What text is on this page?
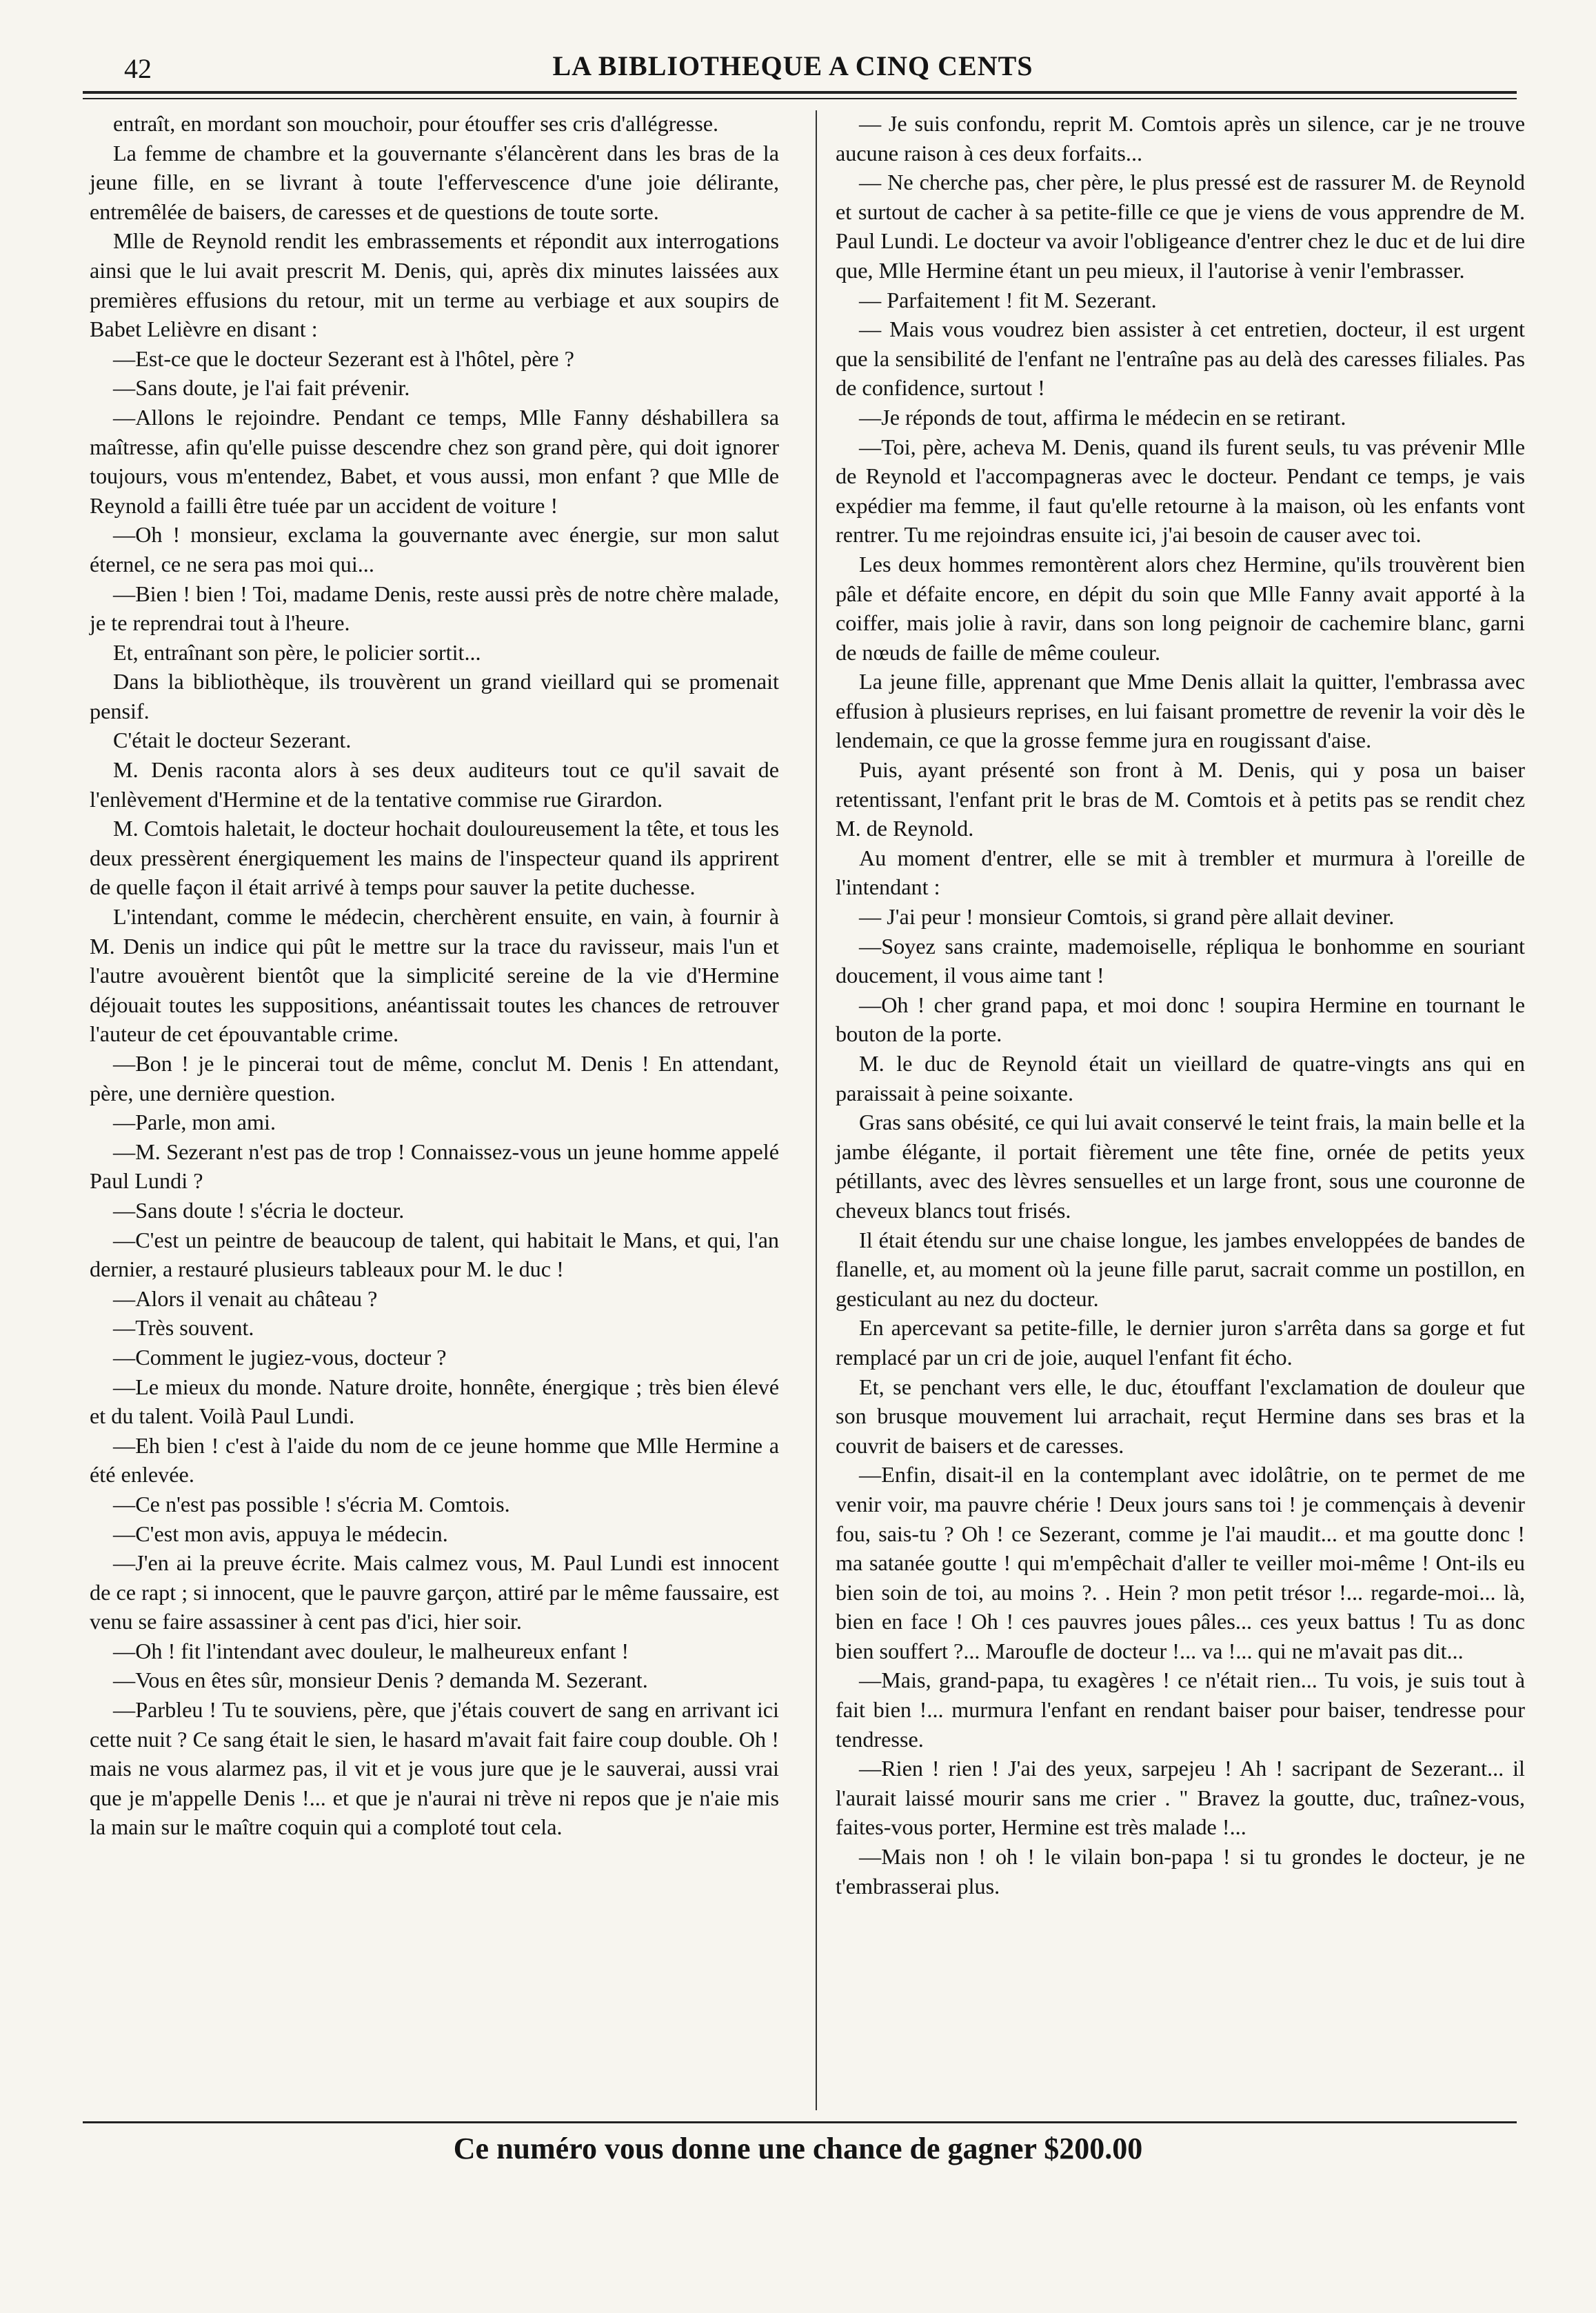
42	LA BIBLIOTHEQUE A CINQ CENTS

entraît, en mordant son mouchoir, pour étouffer ses cris d'allégresse.

La femme de chambre et la gouvernante s'élancèrent dans les bras de la jeune fille, en se livrant à toute l'effervescence d'une joie délirante, entremêlée de baisers, de caresses et de questions de toute sorte.

Mlle de Reynold rendit les embrassements et répondit aux interrogations ainsi que le lui avait prescrit M. Denis, qui, après dix minutes laissées aux premières effusions du retour, mit un terme au verbiage et aux soupirs de Babet Lelièvre en disant :

—Est-ce que le docteur Sezerant est à l'hôtel, père ?

—Sans doute, je l'ai fait prévenir.

—Allons le rejoindre. Pendant ce temps, Mlle Fanny déshabillera sa maîtresse, afin qu'elle puisse descendre chez son grand père, qui doit ignorer toujours, vous m'entendez, Babet, et vous aussi, mon enfant ? que Mlle de Reynold a failli être tuée par un accident de voiture !

—Oh ! monsieur, exclama la gouvernante avec énergie, sur mon salut éternel, ce ne sera pas moi qui...

—Bien ! bien ! Toi, madame Denis, reste aussi près de notre chère malade, je te reprendrai tout à l'heure.

Et, entraînant son père, le policier sortit...

Dans la bibliothèque, ils trouvèrent un grand vieillard qui se promenait pensif.

C'était le docteur Sezerant.

M. Denis raconta alors à ses deux auditeurs tout ce qu'il savait de l'enlèvement d'Hermine et de la tentative commise rue Girardon.

M. Comtois haletait, le docteur hochait douloureusement la tête, et tous les deux pressèrent énergiquement les mains de l'inspecteur quand ils apprirent de quelle façon il était arrivé à temps pour sauver la petite duchesse.

L'intendant, comme le médecin, cherchèrent ensuite, en vain, à fournir à M. Denis un indice qui pût le mettre sur la trace du ravisseur, mais l'un et l'autre avouèrent bientôt que la simplicité sereine de la vie d'Hermine déjouait toutes les suppositions, anéantissait toutes les chances de retrouver l'auteur de cet épouvantable crime.

—Bon ! je le pincerai tout de même, conclut M. Denis ! En attendant, père, une dernière question.

—Parle, mon ami.

—M. Sezerant n'est pas de trop ! Connaissez-vous un jeune homme appelé Paul Lundi ?

—Sans doute ! s'écria le docteur.

—C'est un peintre de beaucoup de talent, qui habitait le Mans, et qui, l'an dernier, a restauré plusieurs tableaux pour M. le duc !

—Alors il venait au château ?

—Très souvent.

—Comment le jugiez-vous, docteur ?

—Le mieux du monde. Nature droite, honnête, énergique ; très bien élevé et du talent. Voilà Paul Lundi.

—Eh bien ! c'est à l'aide du nom de ce jeune homme que Mlle Hermine a été enlevée.

—Ce n'est pas possible ! s'écria M. Comtois.

—C'est mon avis, appuya le médecin.

—J'en ai la preuve écrite. Mais calmez vous, M. Paul Lundi est innocent de ce rapt ; si innocent, que le pauvre garçon, attiré par le même faussaire, est venu se faire assassiner à cent pas d'ici, hier soir.

—Oh ! fit l'intendant avec douleur, le malheureux enfant !

—Vous en êtes sûr, monsieur Denis ? demanda M. Sezerant.

—Parbleu ! Tu te souviens, père, que j'étais couvert de sang en arrivant ici cette nuit ? Ce sang était le sien, le hasard m'avait fait faire coup double. Oh ! mais ne vous alarmez pas, il vit et je vous jure que je le sauverai, aussi vrai que je m'appelle Denis !... et que je n'aurai ni trève ni repos que je n'aie mis la main sur le maître coquin qui a comploté tout cela.

— Je suis confondu, reprit M. Comtois après un silence, car je ne trouve aucune raison à ces deux forfaits...

— Ne cherche pas, cher père, le plus pressé est de rassurer M. de Reynold et surtout de cacher à sa petite-fille ce que je viens de vous apprendre de M. Paul Lundi. Le docteur va avoir l'obligeance d'entrer chez le duc et de lui dire que, Mlle Hermine étant un peu mieux, il l'autorise à venir l'embrasser.

— Parfaitement ! fit M. Sezerant.

— Mais vous voudrez bien assister à cet entretien, docteur, il est urgent que la sensibilité de l'enfant ne l'entraîne pas au delà des caresses filiales. Pas de confidence, surtout !

—Je réponds de tout, affirma le médecin en se retirant.

—Toi, père, acheva M. Denis, quand ils furent seuls, tu vas prévenir Mlle de Reynold et l'accompagneras avec le docteur. Pendant ce temps, je vais expédier ma femme, il faut qu'elle retourne à la maison, où les enfants vont rentrer. Tu me rejoindras ensuite ici, j'ai besoin de causer avec toi.

Les deux hommes remontèrent alors chez Hermine, qu'ils trouvèrent bien pâle et défaite encore, en dépit du soin que Mlle Fanny avait apporté à la coiffer, mais jolie à ravir, dans son long peignoir de cachemire blanc, garni de nœuds de faille de même couleur.

La jeune fille, apprenant que Mme Denis allait la quitter, l'embrassa avec effusion à plusieurs reprises, en lui faisant promettre de revenir la voir dès le lendemain, ce que la grosse femme jura en rougissant d'aise.

Puis, ayant présenté son front à M. Denis, qui y posa un baiser retentissant, l'enfant prit le bras de M. Comtois et à petits pas se rendit chez M. de Reynold.

Au moment d'entrer, elle se mit à trembler et murmura à l'oreille de l'intendant :

— J'ai peur ! monsieur Comtois, si grand père allait deviner.

—Soyez sans crainte, mademoiselle, répliqua le bonhomme en souriant doucement, il vous aime tant !

—Oh ! cher grand papa, et moi donc ! soupira Hermine en tournant le bouton de la porte.

M. le duc de Reynold était un vieillard de quatre-vingts ans qui en paraissait à peine soixante.

Gras sans obésité, ce qui lui avait conservé le teint frais, la main belle et la jambe élégante, il portait fièrement une tête fine, ornée de petits yeux pétillants, avec des lèvres sensuelles et un large front, sous une couronne de cheveux blancs tout frisés.

Il était étendu sur une chaise longue, les jambes enveloppées de bandes de flanelle, et, au moment où la jeune fille parut, sacrait comme un postillon, en gesticulant au nez du docteur.

En apercevant sa petite-fille, le dernier juron s'arrêta dans sa gorge et fut remplacé par un cri de joie, auquel l'enfant fit écho.

Et, se penchant vers elle, le duc, étouffant l'exclamation de douleur que son brusque mouvement lui arrachait, reçut Hermine dans ses bras et la couvrit de baisers et de caresses.

—Enfin, disait-il en la contemplant avec idolâtrie, on te permet de me venir voir, ma pauvre chérie ! Deux jours sans toi ! je commençais à devenir fou, sais-tu ? Oh ! ce Sezerant, comme je l'ai maudit... et ma goutte donc ! ma satanée goutte ! qui m'empêchait d'aller te veiller moi-même ! Ont-ils eu bien soin de toi, au moins ?. . Hein ? mon petit trésor !... regarde-moi... là, bien en face ! Oh ! ces pauvres joues pâles... ces yeux battus ! Tu as donc bien souffert ?... Maroufle de docteur !... va !... qui ne m'avait pas dit...

—Mais, grand-papa, tu exagères ! ce n'était rien... Tu vois, je suis tout à fait bien !... murmura l'enfant en rendant baiser pour baiser, tendresse pour tendresse.

—Rien ! rien ! J'ai des yeux, sarpejeu ! Ah ! sacripant de Sezerant... il l'aurait laissé mourir sans me crier . " Bravez la goutte, duc, traînez-vous, faites-vous porter, Hermine est très malade !...

—Mais non ! oh ! le vilain bon-papa ! si tu grondes le docteur, je ne t'embrasserai plus.

Ce numéro vous donne une chance de gagner $200.00
